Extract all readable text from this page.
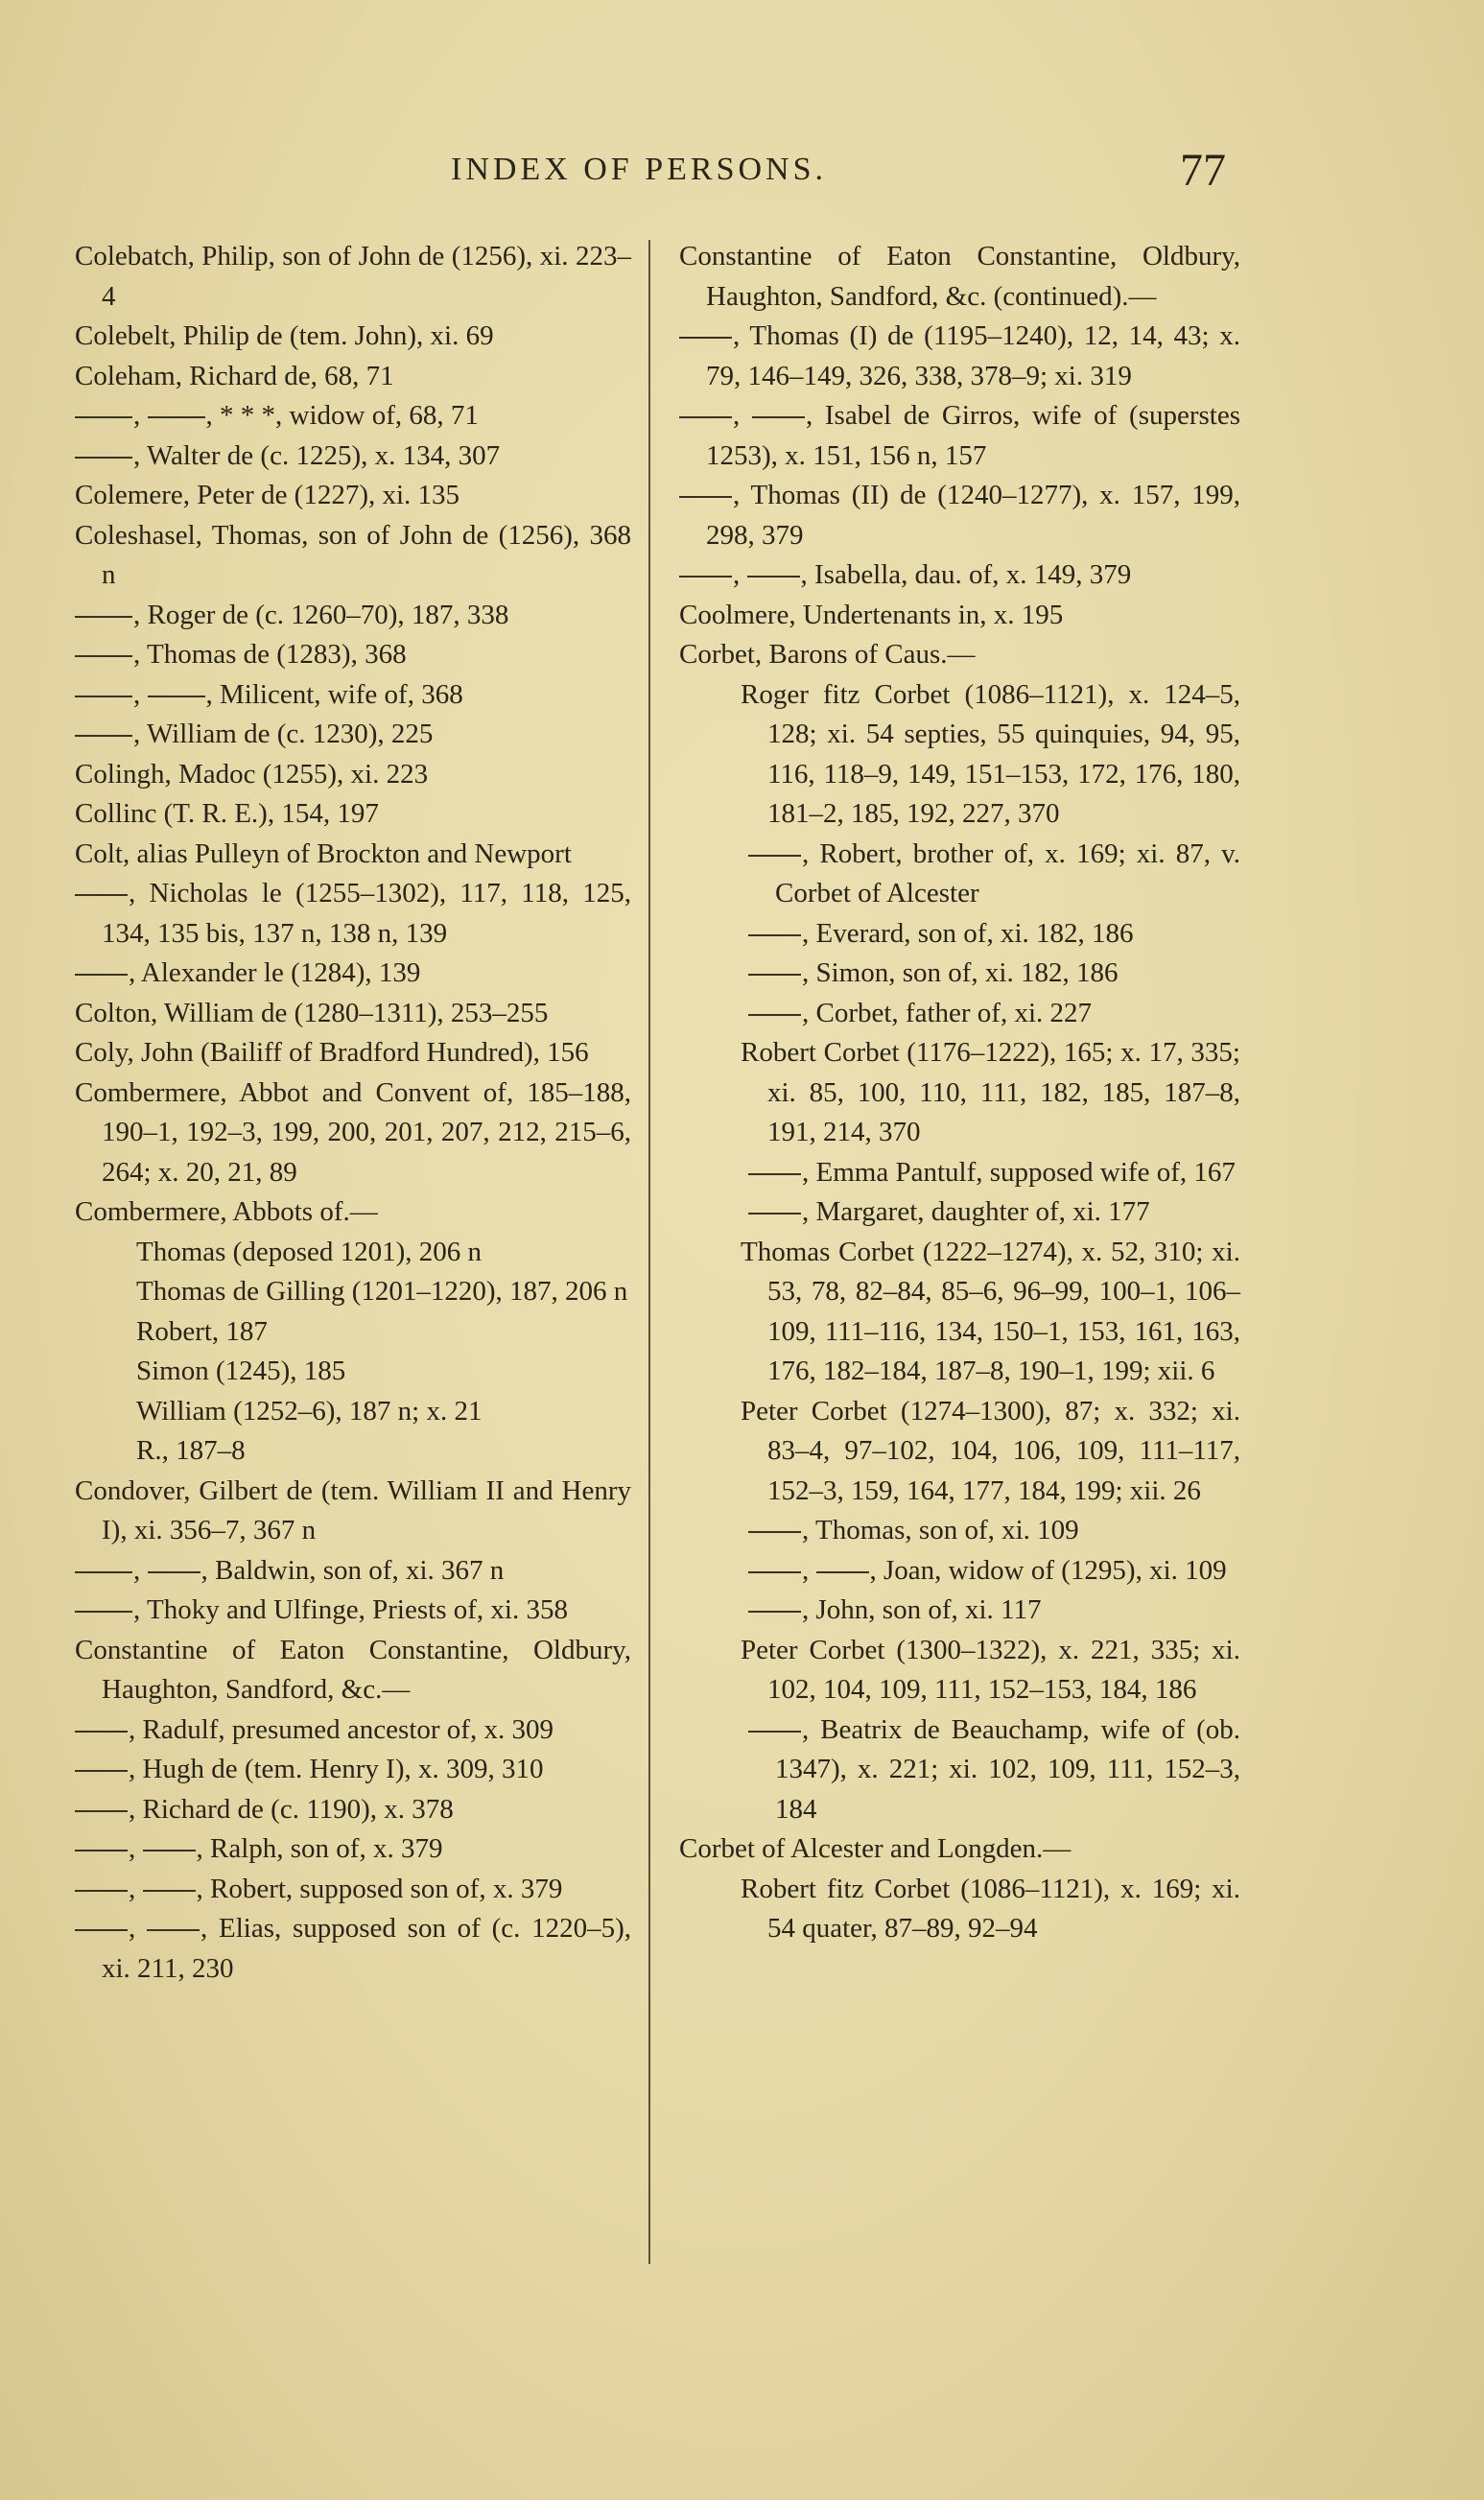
INDEX OF PERSONS.	77
Colebatch, Philip, son of John de (1256), xi. 223–4
Colebelt, Philip de (tem. John), xi. 69
Coleham, Richard de, 68, 71
, , * * *, widow of, 68, 71
, Walter de (c. 1225), x. 134, 307
Colemere, Peter de (1227), xi. 135
Coleshasel, Thomas, son of John de (1256), 368 n
, Roger de (c. 1260–70), 187, 338
, Thomas de (1283), 368
, , Milicent, wife of, 368
, William de (c. 1230), 225
Colingh, Madoc (1255), xi. 223
Collinc (T. R. E.), 154, 197
Colt, alias Pulleyn of Brockton and Newport
, Nicholas le (1255–1302), 117, 118, 125, 134, 135 bis, 137 n, 138 n, 139
, Alexander le (1284), 139
Colton, William de (1280–1311), 253–255
Coly, John (Bailiff of Bradford Hundred), 156
Combermere, Abbot and Convent of, 185–188, 190–1, 192–3, 199, 200, 201, 207, 212, 215–6, 264; x. 20, 21, 89
Combermere, Abbots of.—
Thomas (deposed 1201), 206 n
Thomas de Gilling (1201–1220), 187, 206 n
Robert, 187
Simon (1245), 185
William (1252–6), 187 n; x. 21
R., 187–8
Condover, Gilbert de (tem. William II and Henry I), xi. 356–7, 367 n
, , Baldwin, son of, xi. 367 n
, Thoky and Ulfinge, Priests of, xi. 358
Constantine of Eaton Constantine, Oldbury, Haughton, Sandford, &c.—
, Radulf, presumed ancestor of, x. 309
, Hugh de (tem. Henry I), x. 309, 310
, Richard de (c. 1190), x. 378
, , Ralph, son of, x. 379
, , Robert, supposed son of, x. 379
, , Elias, supposed son of (c. 1220–5), xi. 211, 230
Constantine of Eaton Constantine, Oldbury, Haughton, Sandford, &c. (continued).—
, Thomas (I) de (1195–1240), 12, 14, 43; x. 79, 146–149, 326, 338, 378–9; xi. 319
, , Isabel de Girros, wife of (superstes 1253), x. 151, 156 n, 157
, Thomas (II) de (1240–1277), x. 157, 199, 298, 379
, , Isabella, dau. of, x. 149, 379
Coolmere, Undertenants in, x. 195
Corbet, Barons of Caus.—
Roger fitz Corbet (1086–1121), x. 124–5, 128; xi. 54 septies, 55 quinquies, 94, 95, 116, 118–9, 149, 151–153, 172, 176, 180, 181–2, 185, 192, 227, 370
, Robert, brother of, x. 169; xi. 87, v. Corbet of Alcester
, Everard, son of, xi. 182, 186
, Simon, son of, xi. 182, 186
, Corbet, father of, xi. 227
Robert Corbet (1176–1222), 165; x. 17, 335; xi. 85, 100, 110, 111, 182, 185, 187–8, 191, 214, 370
, Emma Pantulf, supposed wife of, 167
, Margaret, daughter of, xi. 177
Thomas Corbet (1222–1274), x. 52, 310; xi. 53, 78, 82–84, 85–6, 96–99, 100–1, 106–109, 111–116, 134, 150–1, 153, 161, 163, 176, 182–184, 187–8, 190–1, 199; xii. 6
Peter Corbet (1274–1300), 87; x. 332; xi. 83–4, 97–102, 104, 106, 109, 111–117, 152–3, 159, 164, 177, 184, 199; xii. 26
, Thomas, son of, xi. 109
, , Joan, widow of (1295), xi. 109
, John, son of, xi. 117
Peter Corbet (1300–1322), x. 221, 335; xi. 102, 104, 109, 111, 152–153, 184, 186
, Beatrix de Beauchamp, wife of (ob. 1347), x. 221; xi. 102, 109, 111, 152–3, 184
Corbet of Alcester and Longden.—
Robert fitz Corbet (1086–1121), x. 169; xi. 54 quater, 87–89, 92–94
